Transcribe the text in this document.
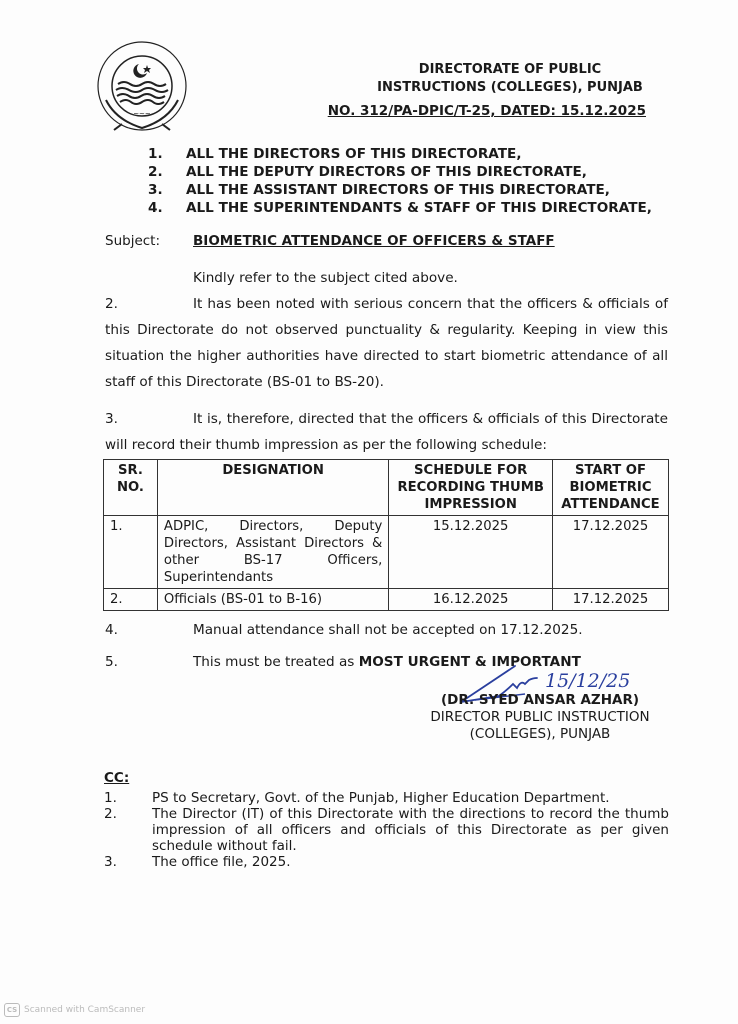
~~~
DIRECTORATE OF PUBLIC
INSTRUCTIONS (COLLEGES), PUNJAB
NO. 312/PA-DPIC/T-25, DATED: 15.12.2025
1.	ALL THE DIRECTORS OF THIS DIRECTORATE,
2.	ALL THE DEPUTY DIRECTORS OF THIS DIRECTORATE,
3.	ALL THE ASSISTANT DIRECTORS OF THIS DIRECTORATE,
4.	ALL THE SUPERINTENDANTS & STAFF OF THIS DIRECTORATE,
Subject: BIOMETRIC ATTENDANCE OF OFFICERS & STAFF
Kindly refer to the subject cited above.
2.	It has been noted with serious concern that the officers & officials of this Directorate do not observed punctuality & regularity. Keeping in view this situation the higher authorities have directed to start biometric attendance of all staff of this Directorate (BS-01 to BS-20).
3.	It is, therefore, directed that the officers & officials of this Directorate will record their thumb impression as per the following schedule:
SR. NO.	DESIGNATION	SCHEDULE FOR RECORDING THUMB IMPRESSION	START OF BIOMETRIC ATTENDANCE
1.	ADPIC, Directors, Deputy Directors, Assistant Directors & other BS-17 Officers, Superintendants	15.12.2025	17.12.2025
2.	Officials (BS-01 to B-16)	16.12.2025	17.12.2025
4.	Manual attendance shall not be accepted on 17.12.2025.
5.	This must be treated as MOST URGENT & IMPORTANT
15/12/25
(DR. SYED ANSAR AZHAR)
DIRECTOR PUBLIC INSTRUCTION
(COLLEGES), PUNJAB
CC:
1.	PS to Secretary, Govt. of the Punjab, Higher Education Department.
2.	The Director (IT) of this Directorate with the directions to record the thumb impression of all officers and officials of this Directorate as per given schedule without fail.
3.	The office file, 2025.
CS Scanned with CamScanner
